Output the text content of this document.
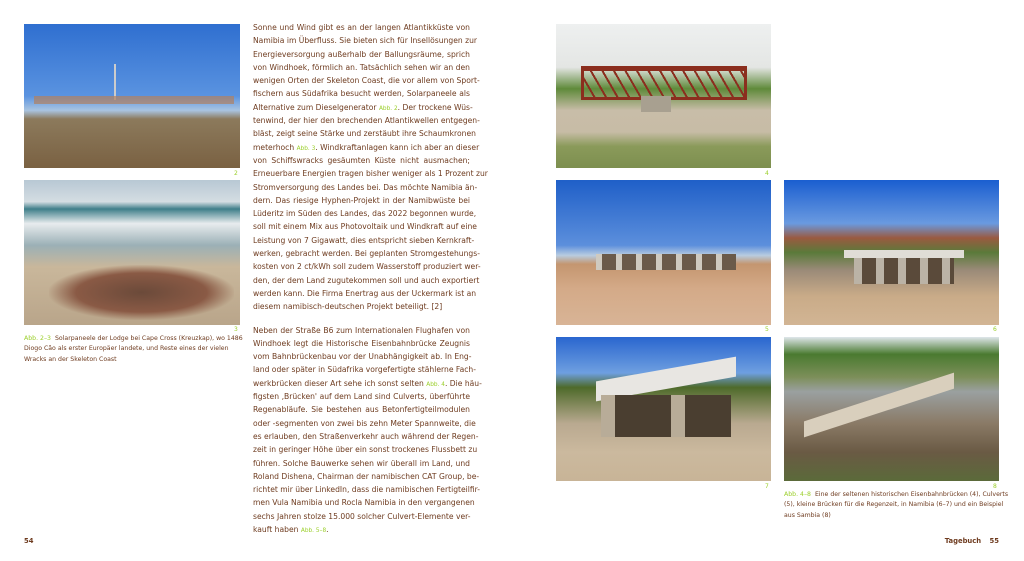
2
3
Abb. 2–3 Solarpaneele der Lodge bei Cape Cross (Kreuzkap), wo 1486 Diogo Cão als erster Europäer landete, und Reste eines der vielen Wracks an der Skeleton Coast
Sonne und Wind gibt es an der langen Atlantikküste von
Namibia im Überfluss. Sie bieten sich für Insellösungen zur
Energieversorgung außerhalb der Ballungsräume, sprich
von Windhoek, förmlich an. Tatsächlich sehen wir an den
wenigen Orten der Skeleton Coast, die vor allem von Sport-
fischern aus Südafrika besucht werden, Solarpaneele als
Alternative zum Dieselgenerator Abb. 2. Der trockene Wüs-
tenwind, der hier den brechenden Atlantikwellen entgegen-
bläst, zeigt seine Stärke und zerstäubt ihre Schaumkronen
meterhoch Abb. 3. Windkraftanlagen kann ich aber an dieser
von Schiffswracks gesäumten Küste nicht ausmachen;
Erneuerbare Energien tragen bisher weniger als 1 Prozent zur
Stromversorgung des Landes bei. Das möchte Namibia än-
dern. Das riesige Hyphen-Projekt in der Namibwüste bei
Lüderitz im Süden des Landes, das 2022 begonnen wurde,
soll mit einem Mix aus Photovoltaik und Windkraft auf eine
Leistung von 7 Gigawatt, dies entspricht sieben Kernkraft-
werken, gebracht werden. Bei geplanten Stromgestehungs-
kosten von 2 ct/kWh soll zudem Wasserstoff produziert wer-
den, der dem Land zugutekommen soll und auch exportiert
werden kann. Die Firma Enertrag aus der Uckermark ist an
diesem namibisch-deutschen Projekt beteiligt. [2]
Neben der Straße B6 zum Internationalen Flughafen von
Windhoek legt die Historische Eisenbahnbrücke Zeugnis
vom Bahnbrückenbau vor der Unabhängigkeit ab. In Eng-
land oder später in Südafrika vorgefertigte stählerne Fach-
werkbrücken dieser Art sehe ich sonst selten Abb. 4. Die häu-
figsten ‚Brücken' auf dem Land sind Culverts, überführte
Regenabläufe. Sie bestehen aus Betonfertigteilmodulen
oder -segmenten von zwei bis zehn Meter Spannweite, die
es erlauben, den Straßenverkehr auch während der Regen-
zeit in geringer Höhe über ein sonst trockenes Flussbett zu
führen. Solche Bauwerke sehen wir überall im Land, und
Roland Dishena, Chairman der namibischen CAT Group, be-
richtet mir über LinkedIn, dass die namibischen Fertigteilfir-
men Vula Namibia und Rocla Namibia in den vergangenen
sechs Jahren stolze 15.000 solcher Culvert-Elemente ver-
kauft haben Abb. 5–8.
54
4
5	6
7	8
Abb. 4–8 Eine der seltenen historischen Eisenbahnbrücken (4), Culverts (5), kleine Brücken für die Regenzeit, in Namibia (6–7) und ein Beispiel aus Sambia (8)
Tagebuch 55
